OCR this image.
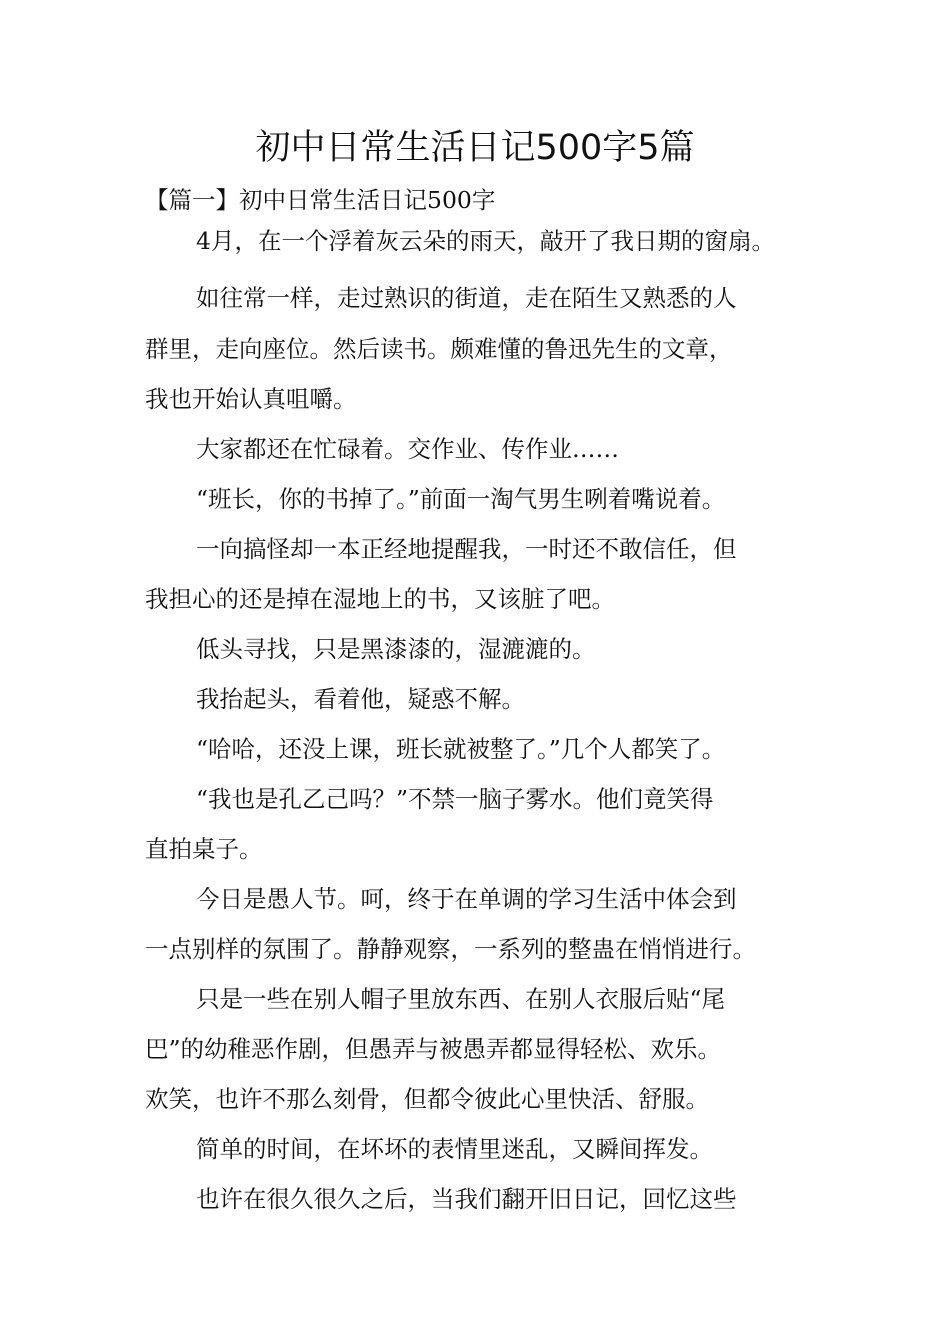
初中日常生活日记500字5篇
【篇一】初中日常生活日记500字

4月，在一个浮着灰云朵的雨天，敲开了我日期的窗扇。

如往常一样，走过熟识的街道，走在陌生又熟悉的人

群里，走向座位。然后读书。颇难懂的鲁迅先生的文章，

我也开始认真咀嚼。

大家都还在忙碌着。交作业、传作业……

“班长，你的书掉了。”前面一淘气男生咧着嘴说着。

一向搞怪却一本正经地提醒我，一时还不敢信任，但

我担心的还是掉在湿地上的书，又该脏了吧。

低头寻找，只是黑漆漆的，湿漉漉的。

我抬起头，看着他，疑惑不解。

“哈哈，还没上课，班长就被整了。”几个人都笑了。

“我也是孔乙己吗？”不禁一脑子雾水。他们竟笑得

直拍桌子。

今日是愚人节。呵，终于在单调的学习生活中体会到

一点别样的氛围了。静静观察，一系列的整蛊在悄悄进行。

只是一些在别人帽子里放东西、在别人衣服后贴“尾

巴”的幼稚恶作剧，但愚弄与被愚弄都显得轻松、欢乐。

欢笑，也许不那么刻骨，但都令彼此心里快活、舒服。

简单的时间，在坏坏的表情里迷乱，又瞬间挥发。

也许在很久很久之后，当我们翻开旧日记，回忆这些
